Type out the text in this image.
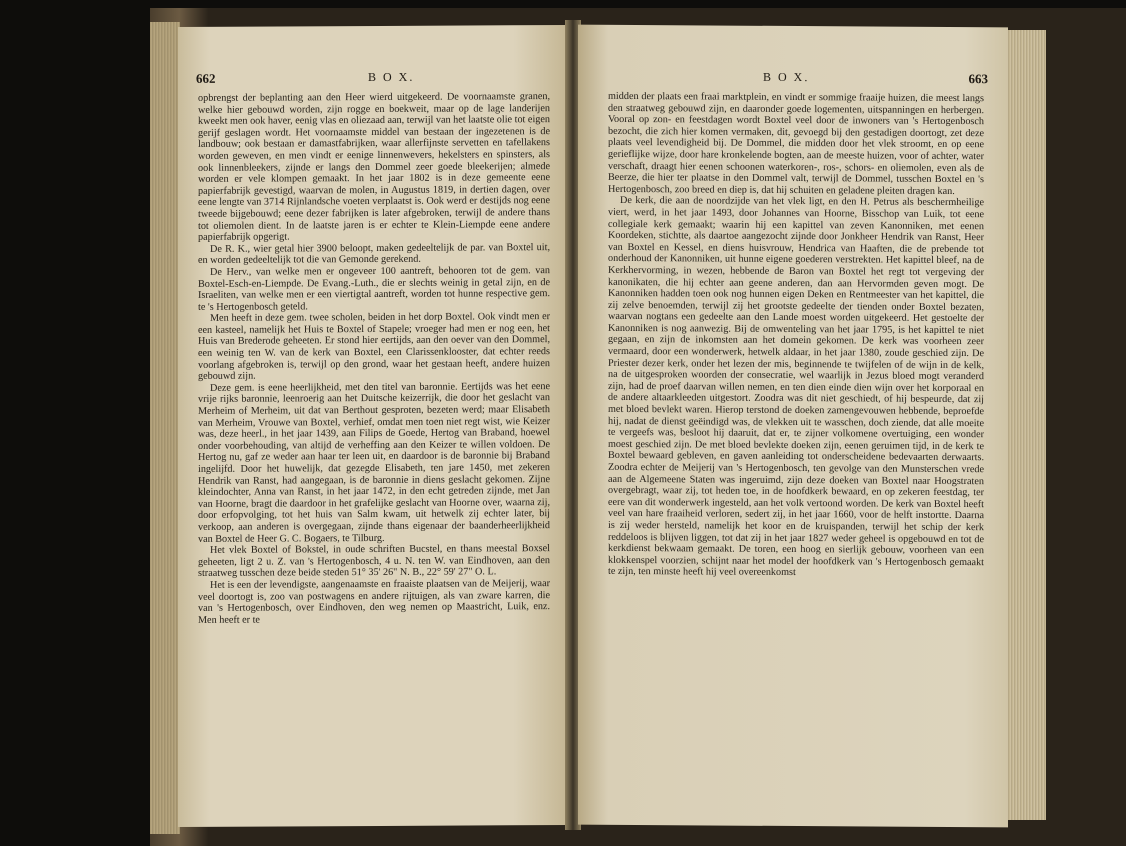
662	B O X.

opbrengst der beplanting aan den Heer wierd uitgekeerd. De voornaamste granen, welke hier gebouwd worden, zijn rogge en boekweit, maar op de lage landerijen kweekt men ook haver, eenig vlas en oliezaad aan, terwijl van het laatste olie tot eigen gerijf geslagen wordt. Het voornaamste middel van bestaan der ingezetenen is de landbouw; ook bestaan er damastfabrijken, waar allerfijnste servetten en tafellakens worden geweven, en men vindt er eenige linnenwevers, hekelsters en spinsters, als ook linnenbleekers, zijnde er langs den Dommel zeer goede bleekerijen; almede worden er vele klompen gemaakt. In het jaar 1802 is in deze gemeente eene papierfabrijk gevestigd, waarvan de molen, in Augustus 1819, in dertien dagen, over eene lengte van 3714 Rijnlandsche voeten verplaatst is. Ook werd er destijds nog eene tweede bijgebouwd; eene dezer fabrijken is later afgebroken, terwijl de andere thans tot oliemolen dient. In de laatste jaren is er echter te Klein-Liempde eene andere papierfabrijk opgerigt.

De R. K., wier getal hier 3900 beloopt, maken gedeeltelijk de par. van Boxtel uit, en worden gedeeltelijk tot die van Gemonde gerekend.

De Herv., van welke men er ongeveer 100 aantreft, behooren tot de gem. van Boxtel-Esch-en-Liempde. De Evang.-Luth., die er slechts weinig in getal zijn, en de Israeliten, van welke men er een viertigtal aantreft, worden tot hunne respective gem. te 's Hertogenbosch geteld.

Men heeft in deze gem. twee scholen, beiden in het dorp Boxtel. Ook vindt men er een kasteel, namelijk het Huis te Boxtel of Stapele; vroeger had men er nog een, het Huis van Brederode geheeten. Er stond hier eertijds, aan den oever van den Dommel, een weinig ten W. van de kerk van Boxtel, een Clarissenklooster, dat echter reeds voorlang afgebroken is, terwijl op den grond, waar het gestaan heeft, andere huizen gebouwd zijn.

Deze gem. is eene heerlijkheid, met den titel van baronnie. Eertijds was het eene vrije rijks baronnie, leenroerig aan het Duitsche keizerrijk, die door het geslacht van Merheim of Merheim, uit dat van Berthout gesproten, bezeten werd; maar Elisabeth van Merheim, Vrouwe van Boxtel, verhief, omdat men toen niet regt wist, wie Keizer was, deze heerl., in het jaar 1439, aan Filips de Goede, Hertog van Braband, hoewel onder voorbehouding, van altijd de verheffing aan den Keizer te willen voldoen. De Hertog nu, gaf ze weder aan haar ter leen uit, en daardoor is de baronnie bij Braband ingelijfd. Door het huwelijk, dat gezegde Elisabeth, ten jare 1450, met zekeren Hendrik van Ranst, had aangegaan, is de baronnie in diens geslacht gekomen. Zijne kleindochter, Anna van Ranst, in het jaar 1472, in den echt getreden zijnde, met Jan van Hoorne, bragt die daardoor in het grafelijke geslacht van Hoorne over, waarna zij, door erfopvolging, tot het huis van Salm kwam, uit hetwelk zij echter later, bij verkoop, aan anderen is overgegaan, zijnde thans eigenaar der baanderheerlijkheid van Boxtel de Heer G. C. Bogaers, te Tilburg.

Het vlek Boxtel of Bokstel, in oude schriften Bucstel, en thans meestal Boxsel geheeten, ligt 2 u. Z. van 's Hertogenbosch, 4 u. N. ten W. van Eindhoven, aan den straatweg tusschen deze beide steden 51° 35' 26" N. B., 22° 59' 27" O. L.

Het is een der levendigste, aangenaamste en fraaiste plaatsen van de Meijerij, waar veel doortogt is, zoo van postwagens en andere rijtuigen, als van zware karren, die van 's Hertogenbosch, over Eindhoven, den weg nemen op Maastricht, Luik, enz. Men heeft er te

B O X.	663

midden der plaats een fraai marktplein, en vindt er sommige fraaije huizen, die meest langs den straatweg gebouwd zijn, en daaronder goede logementen, uitspanningen en herbergen. Vooral op zon- en feestdagen wordt Boxtel veel door de inwoners van 's Hertogenbosch bezocht, die zich hier komen vermaken, dit, gevoegd bij den gestadigen doortogt, zet deze plaats veel levendigheid bij. De Dommel, die midden door het vlek stroomt, en op eene gerieflijke wijze, door hare kronkelende bogten, aan de meeste huizen, voor of achter, water verschaft, draagt hier eenen schoonen waterkoren-, ros-, schors- en oliemolen, even als de Beerze, die hier ter plaatse in den Dommel valt, terwijl de Dommel, tusschen Boxtel en 's Hertogenbosch, zoo breed en diep is, dat hij schuiten en geladene pleiten dragen kan.

De kerk, die aan de noordzijde van het vlek ligt, en den H. Petrus als beschermheilige viert, werd, in het jaar 1493, door Johannes van Hoorne, Bisschop van Luik, tot eene collegiale kerk gemaakt; waarin hij een kapittel van zeven Kanonniken, met eenen Koordeken, stichtte, als daartoe aangezocht zijnde door Jonkheer Hendrik van Ranst, Heer van Boxtel en Kessel, en diens huisvrouw, Hendrica van Haaften, die de prebende tot onderhoud der Kanonniken, uit hunne eigene goederen verstrekten. Het kapittel bleef, na de Kerkhervorming, in wezen, hebbende de Baron van Boxtel het regt tot vergeving der kanonikaten, die hij echter aan geene anderen, dan aan Hervormden geven mogt. De Kanonniken hadden toen ook nog hunnen eigen Deken en Rentmeester van het kapittel, die zij zelve benoemden, terwijl zij het grootste gedeelte der tienden onder Boxtel bezaten, waarvan nogtans een gedeelte aan den Lande moest worden uitgekeerd. Het gestoelte der Kanonniken is nog aanwezig. Bij de omwenteling van het jaar 1795, is het kapittel te niet gegaan, en zijn de inkomsten aan het domein gekomen. De kerk was voorheen zeer vermaard, door een wonderwerk, hetwelk aldaar, in het jaar 1380, zoude geschied zijn. De Priester dezer kerk, onder het lezen der mis, beginnende te twijfelen of de wijn in de kelk, na de uitgesproken woorden der consecratie, wel waarlijk in Jezus bloed mogt veranderd zijn, had de proef daarvan willen nemen, en ten dien einde dien wijn over het korporaal en de andere altaarkleeden uitgestort. Zoodra was dit niet geschiedt, of hij bespeurde, dat zij met bloed bevlekt waren. Hierop terstond de doeken zamengevouwen hebbende, beproefde hij, nadat de dienst geëindigd was, de vlekken uit te wasschen, doch ziende, dat alle moeite te vergeefs was, besloot hij daaruit, dat er, te zijner volkomene overtuiging, een wonder moest geschied zijn. De met bloed bevlekte doeken zijn, eenen geruimen tijd, in de kerk te Boxtel bewaard gebleven, en gaven aanleiding tot onderscheidene bedevaarten derwaarts. Zoodra echter de Meijerij van 's Hertogenbosch, ten gevolge van den Munsterschen vrede aan de Algemeene Staten was ingeruimd, zijn deze doeken van Boxtel naar Hoogstraten overgebragt, waar zij, tot heden toe, in de hoofdkerk bewaard, en op zekeren feestdag, ter eere van dit wonderwerk ingesteld, aan het volk vertoond worden. De kerk van Boxtel heeft veel van hare fraaiheid verloren, sedert zij, in het jaar 1660, voor de helft instortte. Daarna is zij weder hersteld, namelijk het koor en de kruispanden, terwijl het schip der kerk reddeloos is blijven liggen, tot dat zij in het jaar 1827 weder geheel is opgebouwd en tot de kerkdienst bekwaam gemaakt. De toren, een hoog en sierlijk gebouw, voorheen van een klokkenspel voorzien, schijnt naar het model der hoofdkerk van 's Hertogenbosch gemaakt te zijn, ten minste heeft hij veel overeenkomst
